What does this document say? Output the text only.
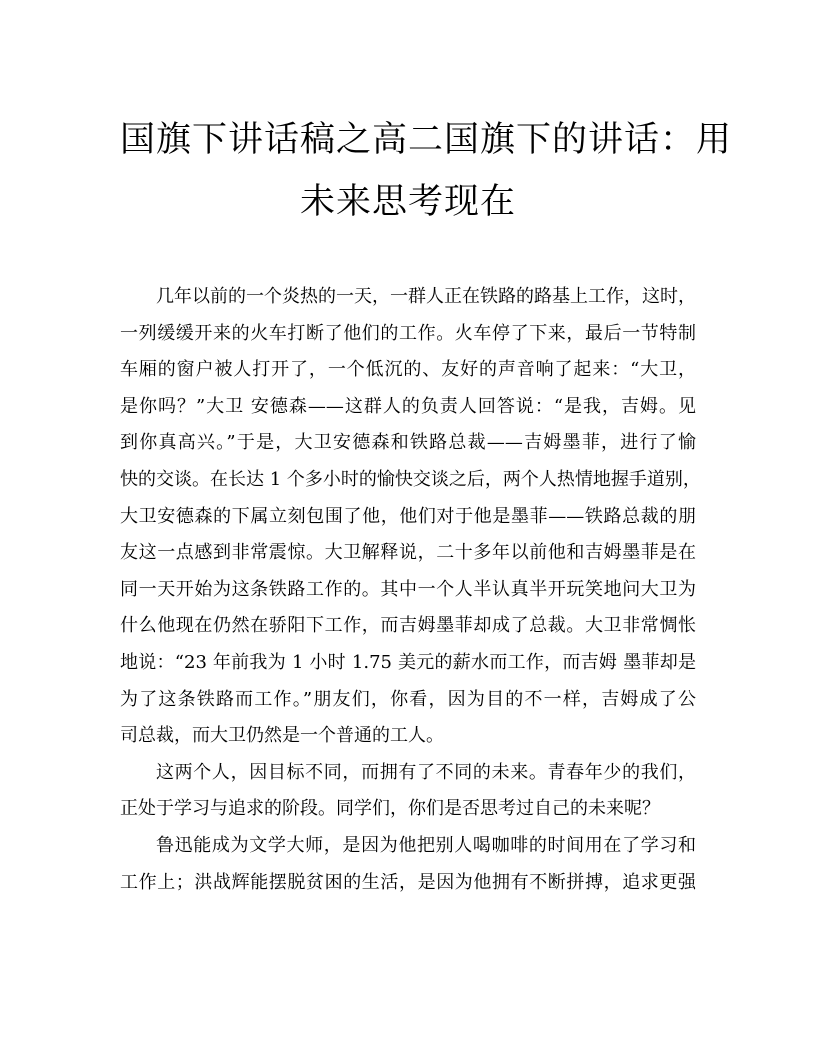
国旗下讲话稿之高二国旗下的讲话：用
未来思考现在

几年以前的一个炎热的一天，一群人正在铁路的路基上工作，这时，
一列缓缓开来的火车打断了他们的工作。火车停了下来，最后一节特制
车厢的窗户被人打开了，一个低沉的、友好的声音响了起来：“大卫，
是你吗？”大卫 安德森——这群人的负责人回答说：“是我，吉姆。见
到你真高兴。”于是，大卫安德森和铁路总裁——吉姆墨菲，进行了愉
快的交谈。在长达 1 个多小时的愉快交谈之后，两个人热情地握手道别，
大卫安德森的下属立刻包围了他，他们对于他是墨菲——铁路总裁的朋
友这一点感到非常震惊。大卫解释说，二十多年以前他和吉姆墨菲是在
同一天开始为这条铁路工作的。其中一个人半认真半开玩笑地问大卫为
什么他现在仍然在骄阳下工作，而吉姆墨菲却成了总裁。大卫非常惆怅
地说：“23 年前我为 1 小时 1.75 美元的薪水而工作，而吉姆 墨菲却是
为了这条铁路而工作。”朋友们，你看，因为目的不一样，吉姆成了公
司总裁，而大卫仍然是一个普通的工人。

这两个人，因目标不同，而拥有了不同的未来。青春年少的我们，
正处于学习与追求的阶段。同学们，你们是否思考过自己的未来呢？

鲁迅能成为文学大师，是因为他把别人喝咖啡的时间用在了学习和
工作上；洪战辉能摆脱贫困的生活，是因为他拥有不断拼搏，追求更强
